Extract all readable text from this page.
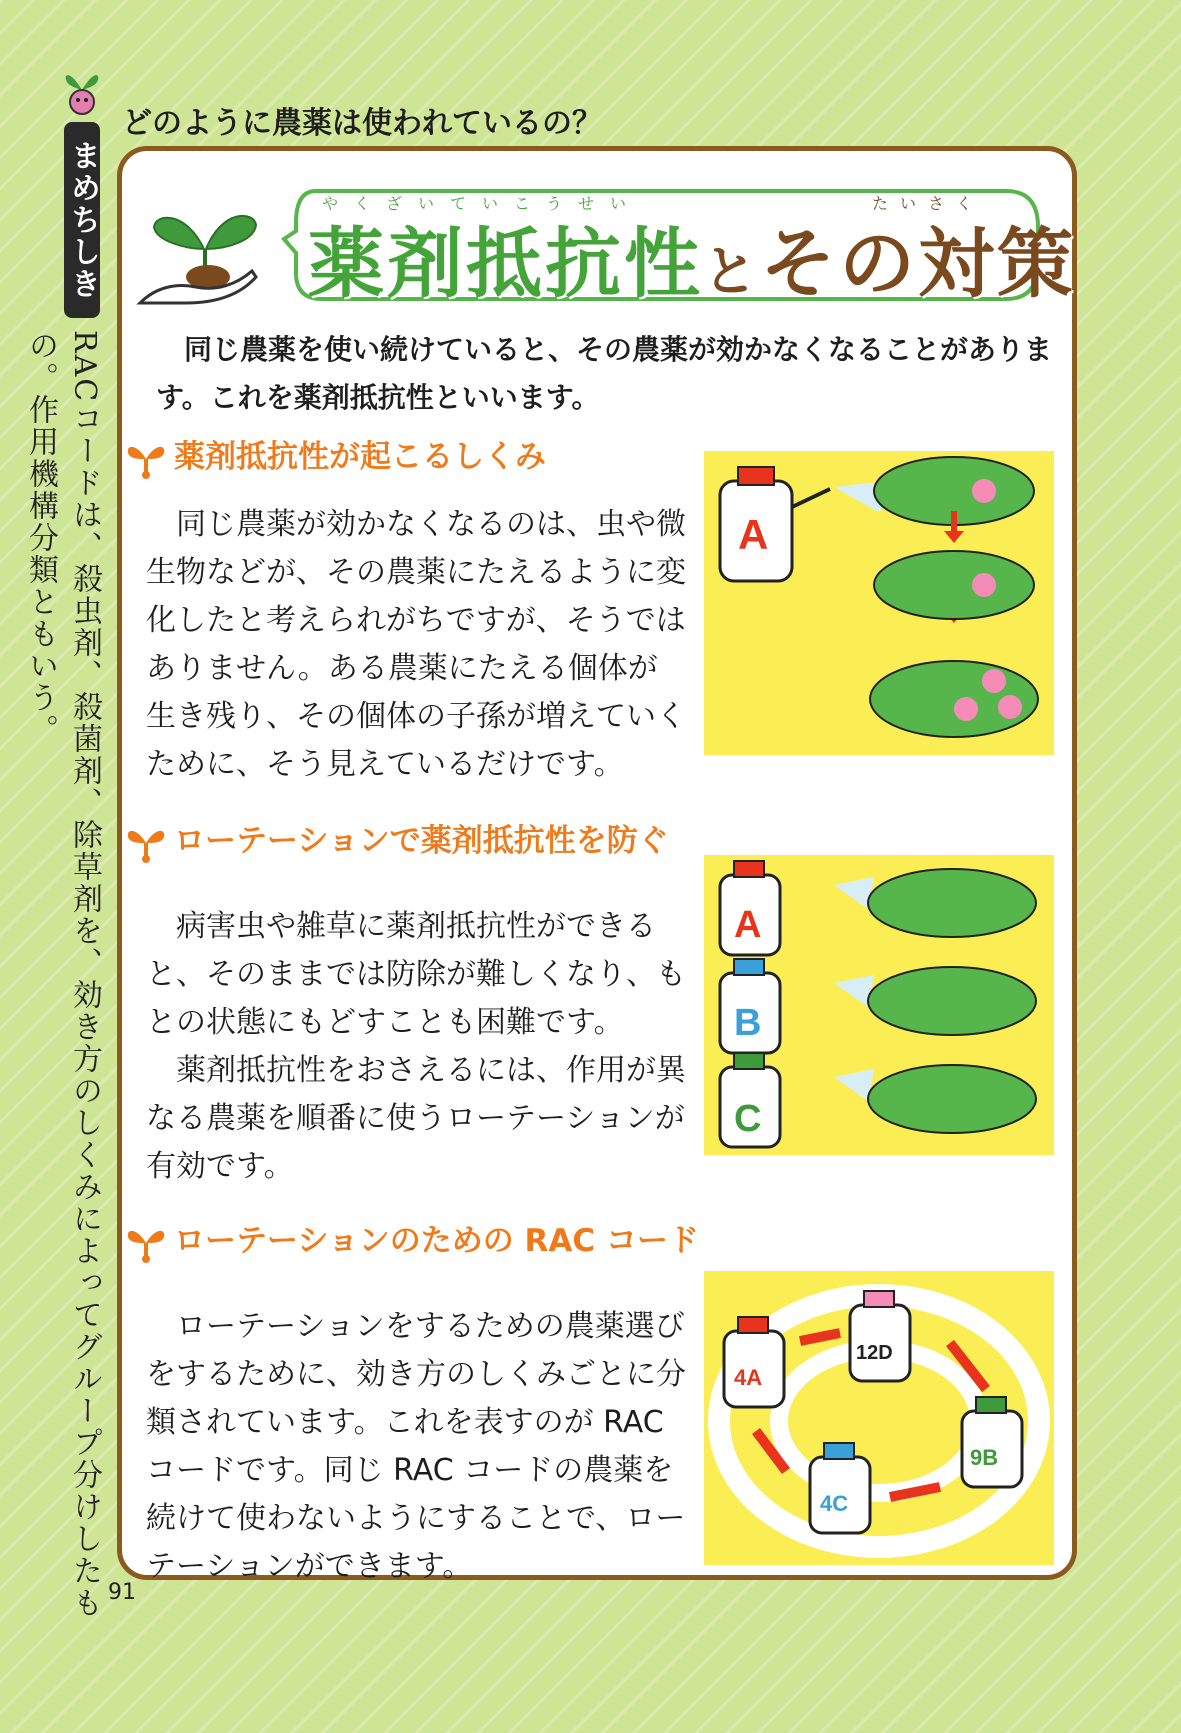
まめちしき
RACコードは、殺虫剤、殺菌剤、除草剤を、効き方のしくみによってグループ分けしたもの。作用機構分類ともいう。
91
どのように農薬は使われているの？
やくざいていこうせい	たいさく
薬剤抵抗性とその対策
同じ農薬を使い続けていると、その農薬が効かなくなることがあります。これを薬剤抵抗性といいます。
薬剤抵抗性が起こるしくみ

同じ農薬が効かなくなるのは、虫や微生物などが、その農薬にたえるように変化したと考えられがちですが、そうではありません。ある農薬にたえる個体が生き残り、その個体の子孫が増えていくために、そう見えているだけです。

A
ローテーションで薬剤抵抗性を防ぐ

病害虫や雑草に薬剤抵抗性ができると、そのままでは防除が難しくなり、もとの状態にもどすことも困難です。

薬剤抵抗性をおさえるには、作用が異なる農薬を順番に使うローテーションが有効です。

A
B
C
ローテーションのための RAC コード

ローテーションをするための農薬選びをするために、効き方のしくみごとに分類されています。これを表すのが RAC コードです。同じ RAC コードの農薬を続けて使わないようにすることで、ローテーションができます。

12D
4A
4C
9B
